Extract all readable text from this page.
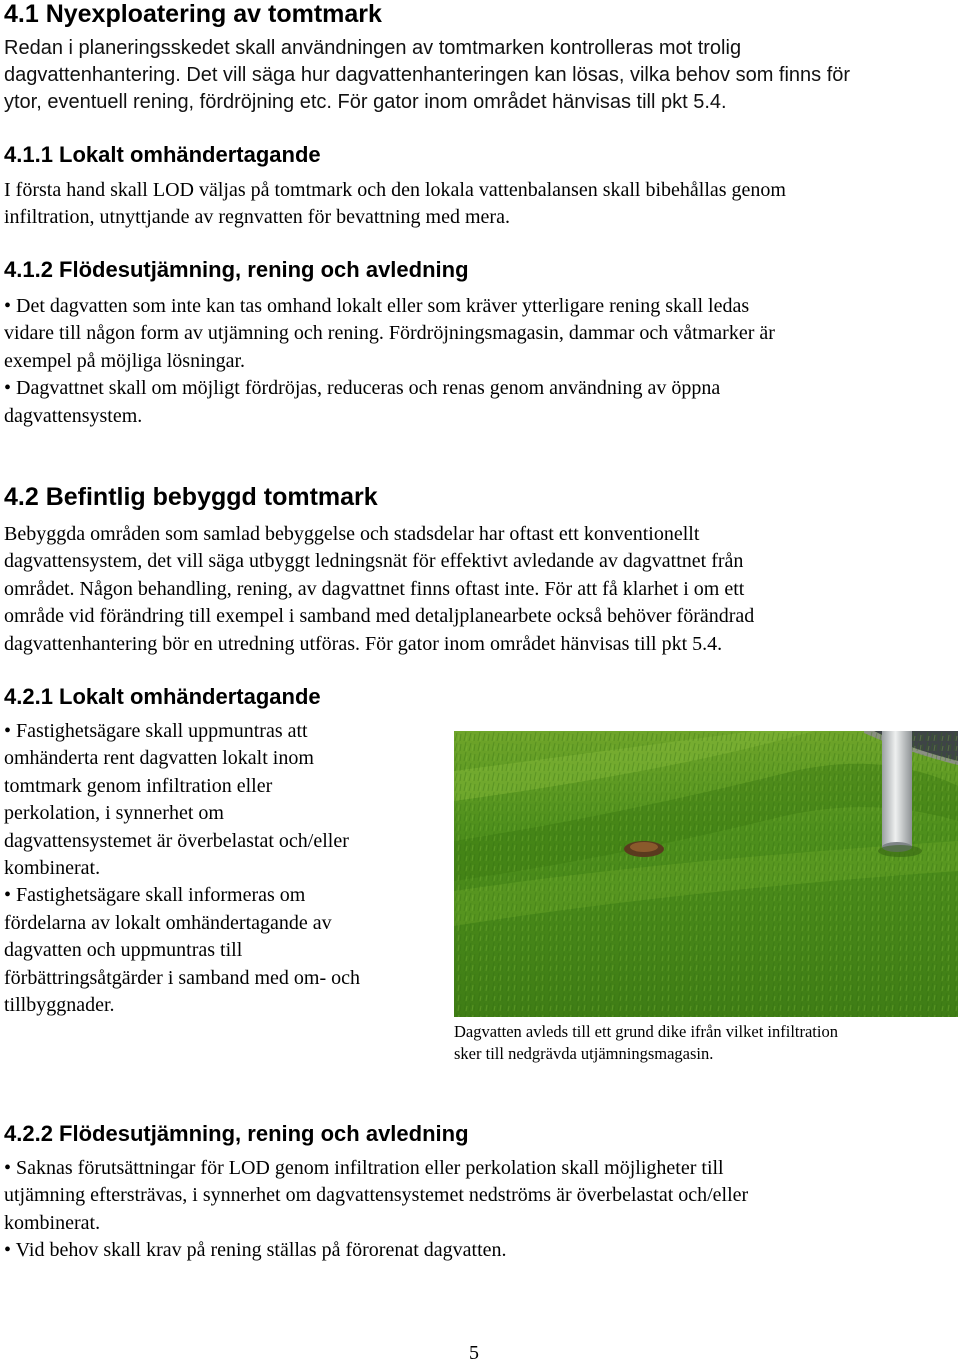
4.1 Nyexploatering av tomtmark
Redan i planeringsskedet skall användningen av tomtmarken kontrolleras mot trolig
dagvattenhantering. Det vill säga hur dagvattenhanteringen kan lösas, vilka behov som finns för
ytor, eventuell rening, fördröjning etc. För gator inom området hänvisas till pkt 5.4.
4.1.1 Lokalt omhändertagande
I första hand skall LOD väljas på tomtmark och den lokala vattenbalansen skall bibehållas genom
infiltration, utnyttjande av regnvatten för bevattning med mera.
4.1.2 Flödesutjämning, rening och avledning
• Det dagvatten som inte kan tas omhand lokalt eller som kräver ytterligare rening skall ledas
vidare till någon form av utjämning och rening. Fördröjningsmagasin, dammar och våtmarker är
exempel på möjliga lösningar.
• Dagvattnet skall om möjligt fördröjas, reduceras och renas genom användning av öppna
dagvattensystem.
4.2 Befintlig bebyggd tomtmark
Bebyggda områden som samlad bebyggelse och stadsdelar har oftast ett konventionellt
dagvattensystem, det vill säga utbyggt ledningsnät för effektivt avledande av dagvattnet från
området. Någon behandling, rening, av dagvattnet finns oftast inte. För att få klarhet i om ett
område vid förändring till exempel i samband med detaljplanearbete också behöver förändrad
dagvattenhantering bör en utredning utföras. För gator inom området hänvisas till pkt 5.4.
4.2.1 Lokalt omhändertagande
• Fastighetsägare skall uppmuntras att
omhänderta rent dagvatten lokalt inom
tomtmark genom infiltration eller
perkolation, i synnerhet om
dagvattensystemet är överbelastat och/eller
kombinerat.
• Fastighetsägare skall informeras om
fördelarna av lokalt omhändertagande av
dagvatten och uppmuntras till
förbättringsåtgärder i samband med om- och
tillbyggnader.
Dagvatten avleds till ett grund dike ifrån vilket infiltration
sker till nedgrävda utjämningsmagasin.
4.2.2 Flödesutjämning, rening och avledning
• Saknas förutsättningar för LOD genom infiltration eller perkolation skall möjligheter till
utjämning eftersträvas, i synnerhet om dagvattensystemet nedströms är överbelastat och/eller
kombinerat.
• Vid behov skall krav på rening ställas på förorenat dagvatten.
5
